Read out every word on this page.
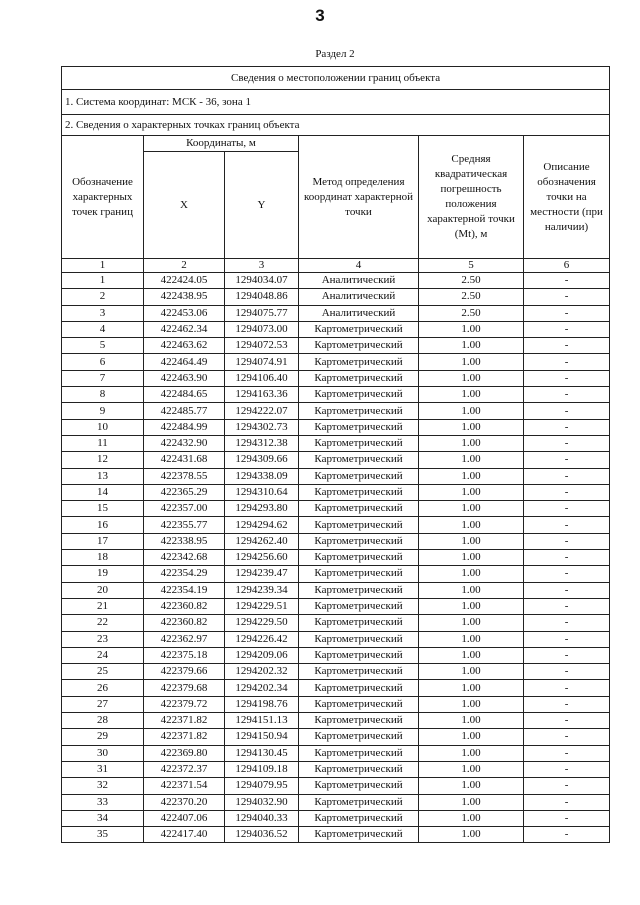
3
Раздел 2
Сведения о местоположении границ объекта					
1. Система координат: МСК - 36, зона 1					
2. Сведения о характерных точках границ объекта					
Обозначение характерных точек границ	Координаты, м		Метод определения координат характерной точки	Средняя квадратическая погрешность положения характерной точки (Mt), м	Описание обозначения точки на местности (при наличии)
	X	Y			
1	2	3	4	5	6
1	422424.05	1294034.07	Аналитический	2.50	-
2	422438.95	1294048.86	Аналитический	2.50	-
3	422453.06	1294075.77	Аналитический	2.50	-
4	422462.34	1294073.00	Картометрический	1.00	-
5	422463.62	1294072.53	Картометрический	1.00	-
6	422464.49	1294074.91	Картометрический	1.00	-
7	422463.90	1294106.40	Картометрический	1.00	-
8	422484.65	1294163.36	Картометрический	1.00	-
9	422485.77	1294222.07	Картометрический	1.00	-
10	422484.99	1294302.73	Картометрический	1.00	-
11	422432.90	1294312.38	Картометрический	1.00	-
12	422431.68	1294309.66	Картометрический	1.00	-
13	422378.55	1294338.09	Картометрический	1.00	-
14	422365.29	1294310.64	Картометрический	1.00	-
15	422357.00	1294293.80	Картометрический	1.00	-
16	422355.77	1294294.62	Картометрический	1.00	-
17	422338.95	1294262.40	Картометрический	1.00	-
18	422342.68	1294256.60	Картометрический	1.00	-
19	422354.29	1294239.47	Картометрический	1.00	-
20	422354.19	1294239.34	Картометрический	1.00	-
21	422360.82	1294229.51	Картометрический	1.00	-
22	422360.82	1294229.50	Картометрический	1.00	-
23	422362.97	1294226.42	Картометрический	1.00	-
24	422375.18	1294209.06	Картометрический	1.00	-
25	422379.66	1294202.32	Картометрический	1.00	-
26	422379.68	1294202.34	Картометрический	1.00	-
27	422379.72	1294198.76	Картометрический	1.00	-
28	422371.82	1294151.13	Картометрический	1.00	-
29	422371.82	1294150.94	Картометрический	1.00	-
30	422369.80	1294130.45	Картометрический	1.00	-
31	422372.37	1294109.18	Картометрический	1.00	-
32	422371.54	1294079.95	Картометрический	1.00	-
33	422370.20	1294032.90	Картометрический	1.00	-
34	422407.06	1294040.33	Картометрический	1.00	-
35	422417.40	1294036.52	Картометрический	1.00	-
